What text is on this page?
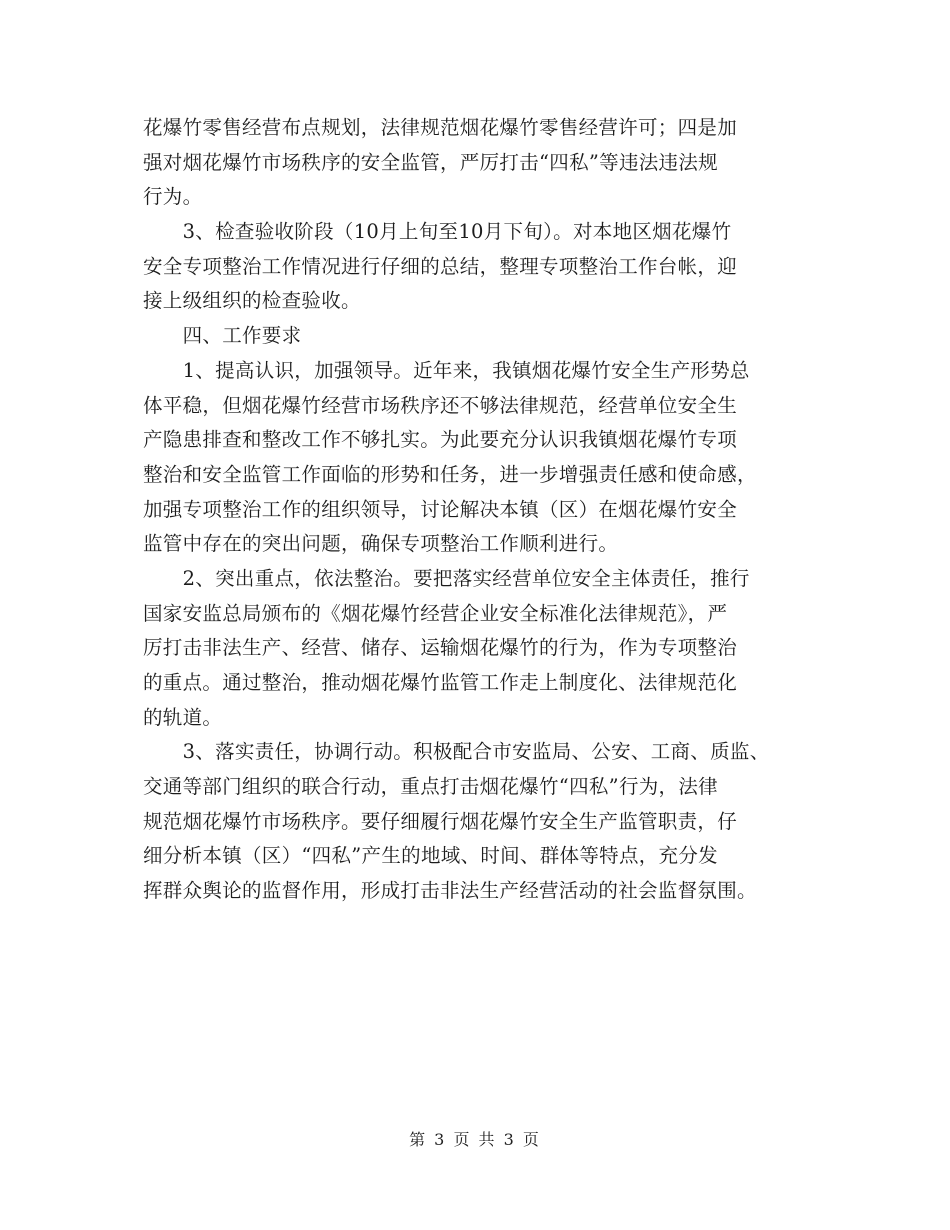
花爆竹零售经营布点规划，法律规范烟花爆竹零售经营许可；四是加
强对烟花爆竹市场秩序的安全监管，严厉打击“四私”等违法违法规
行为。
　　3、检查验收阶段（10月上旬至10月下旬）。对本地区烟花爆竹
安全专项整治工作情况进行仔细的总结，整理专项整治工作台帐，迎
接上级组织的检查验收。
　　四、工作要求
　　1、提高认识，加强领导。近年来，我镇烟花爆竹安全生产形势总
体平稳，但烟花爆竹经营市场秩序还不够法律规范，经营单位安全生
产隐患排查和整改工作不够扎实。为此要充分认识我镇烟花爆竹专项
整治和安全监管工作面临的形势和任务，进一步增强责任感和使命感，
加强专项整治工作的组织领导，讨论解决本镇（区）在烟花爆竹安全
监管中存在的突出问题，确保专项整治工作顺利进行。
　　2、突出重点，依法整治。要把落实经营单位安全主体责任，推行
国家安监总局颁布的《烟花爆竹经营企业安全标准化法律规范》，严
厉打击非法生产、经营、储存、运输烟花爆竹的行为，作为专项整治
的重点。通过整治，推动烟花爆竹监管工作走上制度化、法律规范化
的轨道。
　　3、落实责任，协调行动。积极配合市安监局、公安、工商、质监、
交通等部门组织的联合行动，重点打击烟花爆竹“四私”行为，法律
规范烟花爆竹市场秩序。要仔细履行烟花爆竹安全生产监管职责，仔
细分析本镇（区）“四私”产生的地域、时间、群体等特点，充分发
挥群众舆论的监督作用，形成打击非法生产经营活动的社会监督氛围。
第 3 页 共 3 页
